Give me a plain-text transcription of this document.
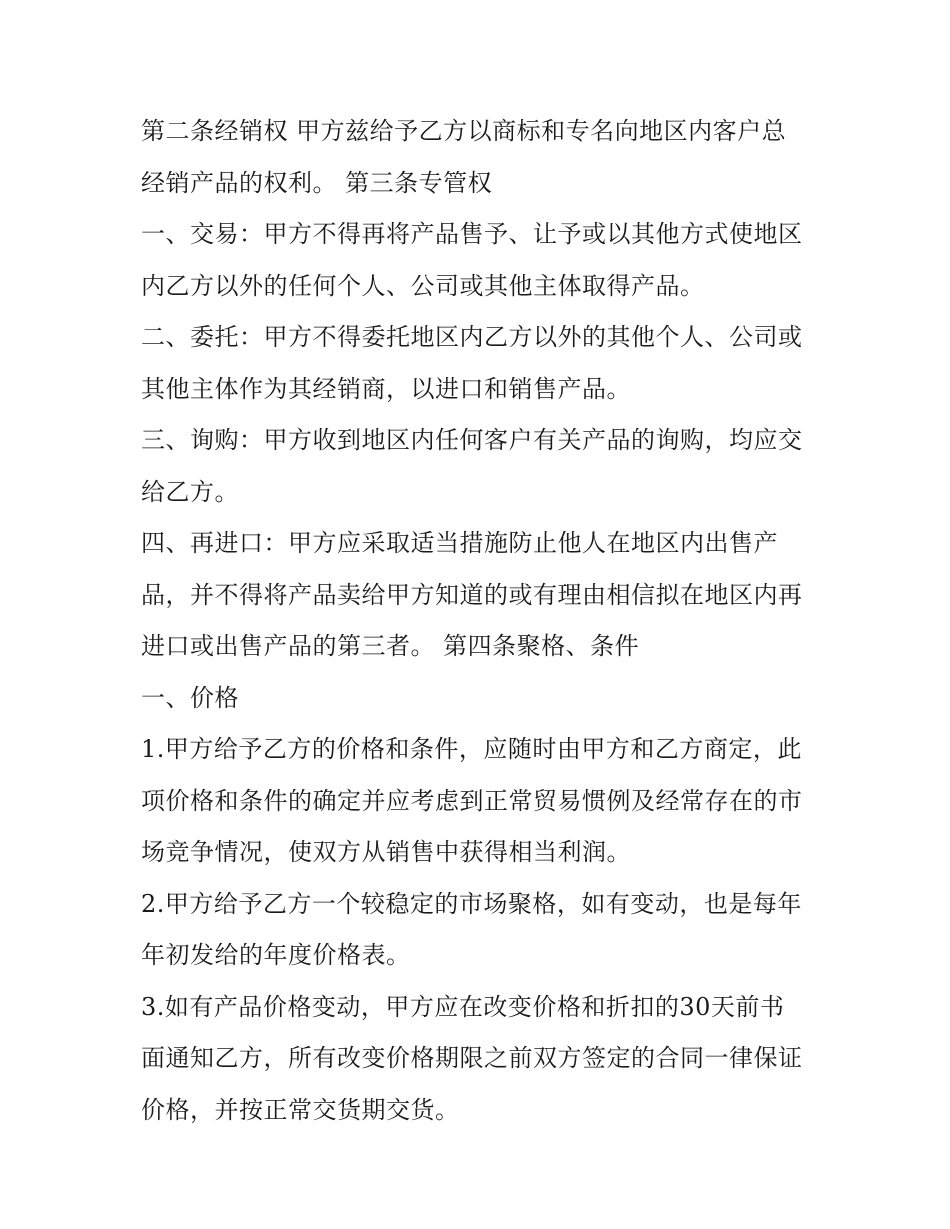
第二条经销权 甲方兹给予乙方以商标和专名向地区内客户总
经销产品的权利。 第三条专管权
一、交易：甲方不得再将产品售予、让予或以其他方式使地区
内乙方以外的任何个人、公司或其他主体取得产品。
二、委托：甲方不得委托地区内乙方以外的其他个人、公司或
其他主体作为其经销商，以进口和销售产品。
三、询购：甲方收到地区内任何客户有关产品的询购，均应交
给乙方。
四、再进口：甲方应采取适当措施防止他人在地区内出售产
品，并不得将产品卖给甲方知道的或有理由相信拟在地区内再
进口或出售产品的第三者。 第四条聚格、条件
一、价格
1.甲方给予乙方的价格和条件，应随时由甲方和乙方商定，此
项价格和条件的确定并应考虑到正常贸易惯例及经常存在的市
场竞争情况，使双方从销售中获得相当利润。
2.甲方给予乙方一个较稳定的市场聚格，如有变动，也是每年
年初发给的年度价格表。
3.如有产品价格变动，甲方应在改变价格和折扣的30天前书
面通知乙方，所有改变价格期限之前双方签定的合同一律保证
价格，并按正常交货期交货。
